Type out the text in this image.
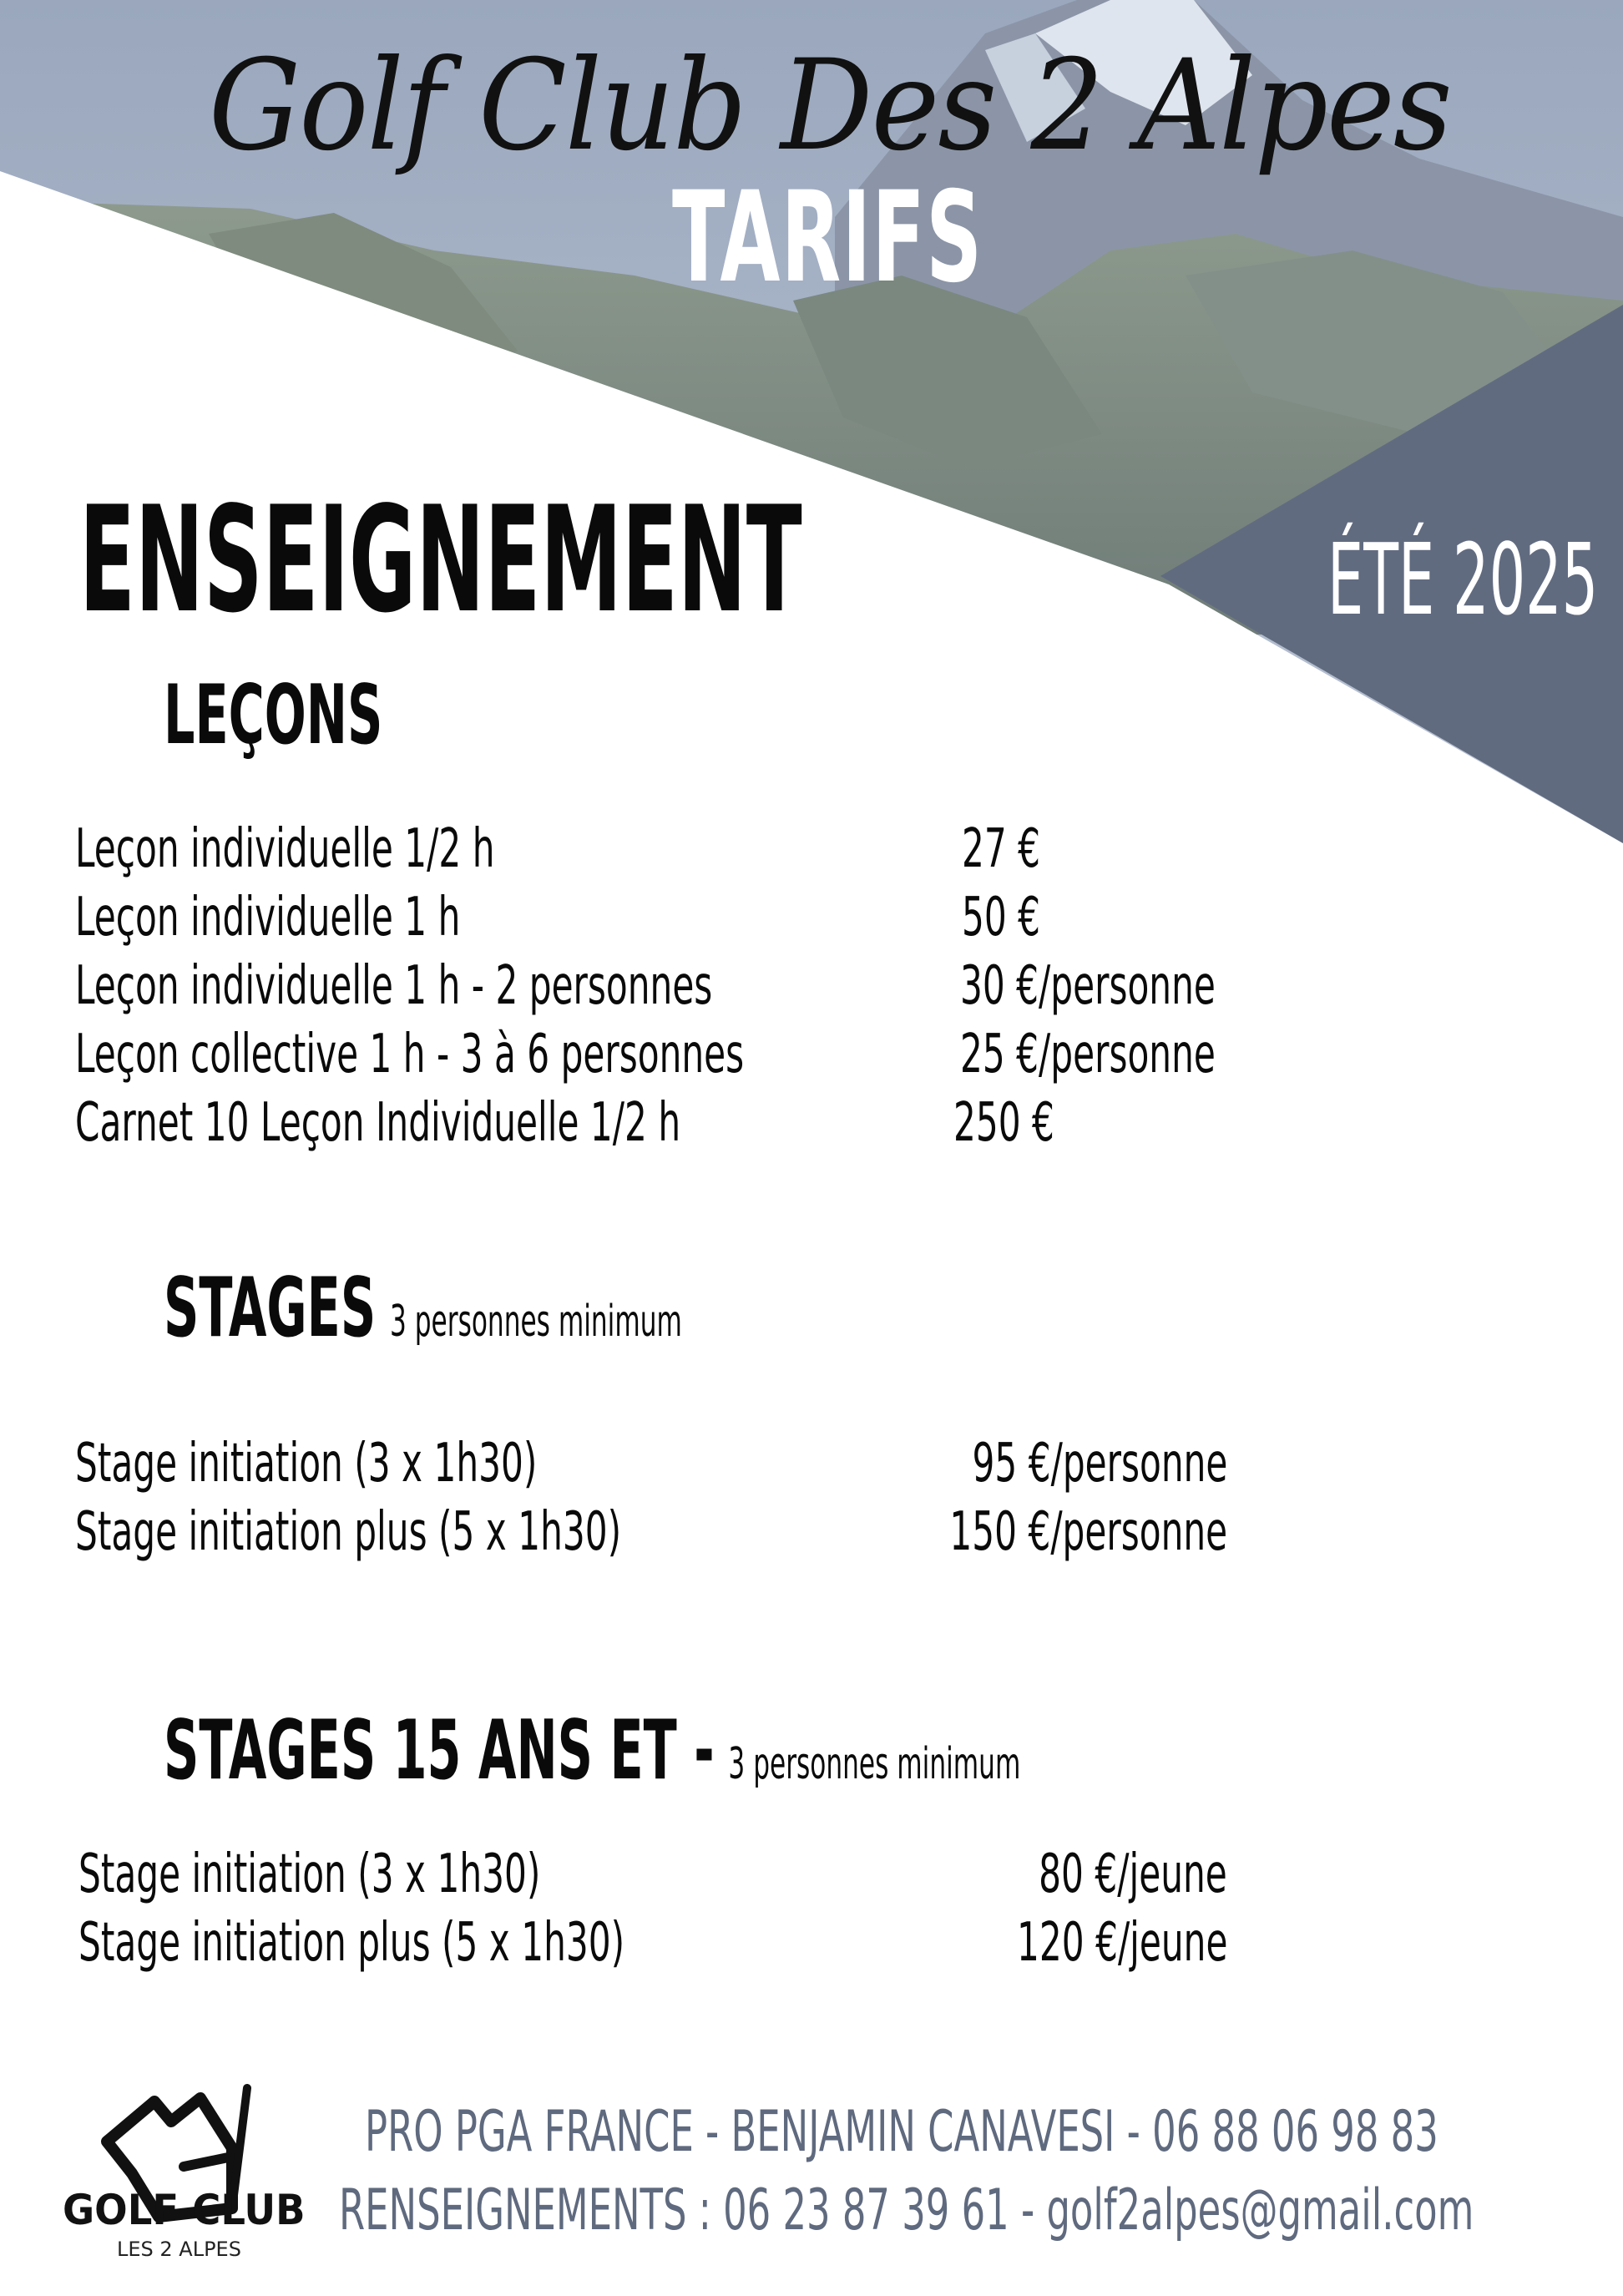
Golf Club Des 2 Alpes
TARIFS
ÉTÉ 2025
ENSEIGNEMENT
LEÇONS
Leçon individuelle 1/2 h	27 €
Leçon individuelle 1 h	50 €
Leçon individuelle 1 h - 2 personnes	30 €/personne
Leçon collective 1 h - 3 à 6 personnes	25 €/personne
Carnet 10 Leçon Individuelle 1/2 h	250 €
STAGES 3 personnes minimum
Stage initiation (3 x 1h30)	95 €/personne
Stage initiation plus (5 x 1h30)	150 €/personne
STAGES 15 ANS ET - 3 personnes minimum
Stage initiation (3 x 1h30)	80 €/jeune
Stage initiation plus (5 x 1h30)	120 €/jeune
GOLF CLUB
LES 2 ALPES
PRO PGA FRANCE - BENJAMIN CANAVESI - 06 88 06 98 83
RENSEIGNEMENTS : 06 23 87 39 61 - golf2alpes@gmail.com
